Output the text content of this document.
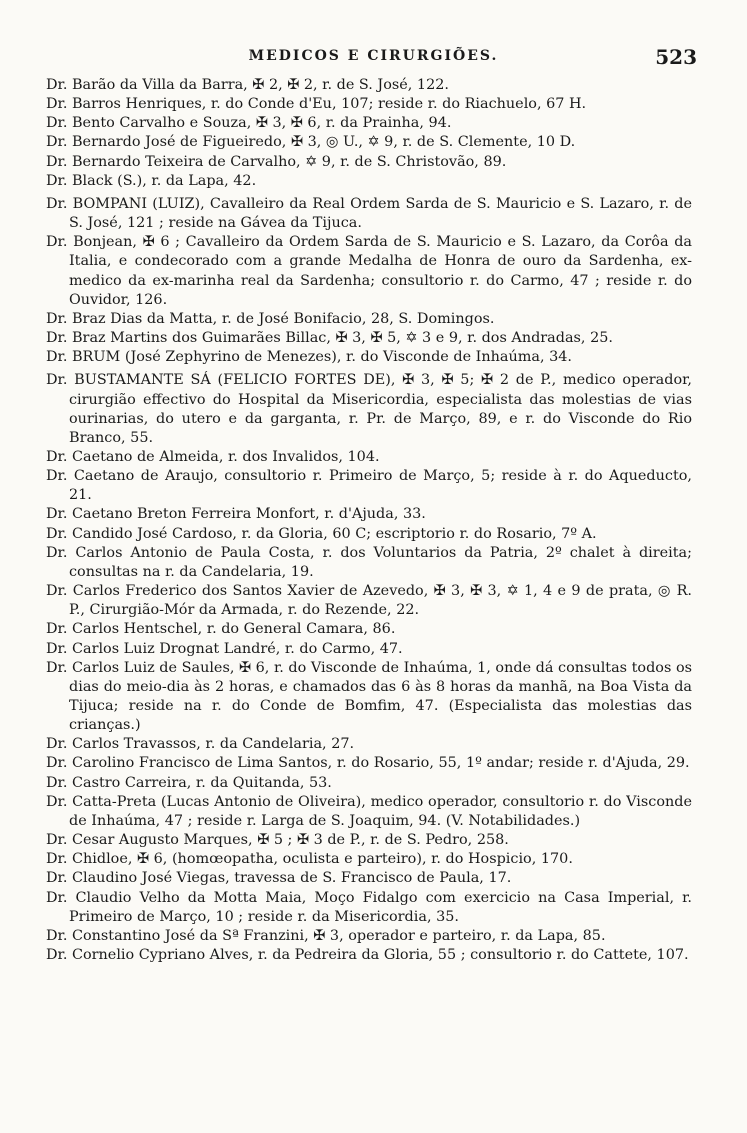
MEDICOS E CIRURGIÕES.	523
Dr. Barão da Villa da Barra, ✠ 2, ✠ 2, r. de S. José, 122.
Dr. Barros Henriques, r. do Conde d'Eu, 107; reside r. do Riachuelo, 67 H.
Dr. Bento Carvalho e Souza, ✠ 3, ✠ 6, r. da Prainha, 94.
Dr. Bernardo José de Figueiredo, ✠ 3, ◎ U., ✡ 9, r. de S. Clemente, 10 D.
Dr. Bernardo Teixeira de Carvalho, ✡ 9, r. de S. Christovão, 89.
Dr. Black (S.), r. da Lapa, 42.
Dr. BOMPANI (LUIZ), Cavalleiro da Real Ordem Sarda de S. Mauricio e S. Lazaro, r. de S. José, 121 ; reside na Gávea da Tijuca.
Dr. Bonjean, ✠ 6 ; Cavalleiro da Ordem Sarda de S. Mauricio e S. Lazaro, da Corôa da Italia, e condecorado com a grande Medalha de Honra de ouro da Sardenha, ex-medico da ex-marinha real da Sardenha; consultorio r. do Carmo, 47 ; reside r. do Ouvidor, 126.
Dr. Braz Dias da Matta, r. de José Bonifacio, 28, S. Domingos.
Dr. Braz Martins dos Guimarães Billac, ✠ 3, ✠ 5, ✡ 3 e 9, r. dos Andradas, 25.
Dr. BRUM (José Zephyrino de Menezes), r. do Visconde de Inhaúma, 34.
Dr. BUSTAMANTE SÁ (FELICIO FORTES DE), ✠ 3, ✠ 5; ✠ 2 de P., medico operador, cirurgião effectivo do Hospital da Misericordia, especialista das molestias de vias ourinarias, do utero e da garganta, r. Pr. de Março, 89, e r. do Visconde do Rio Branco, 55.
Dr. Caetano de Almeida, r. dos Invalidos, 104.
Dr. Caetano de Araujo, consultorio r. Primeiro de Março, 5; reside à r. do Aqueducto, 21.
Dr. Caetano Breton Ferreira Monfort, r. d'Ajuda, 33.
Dr. Candido José Cardoso, r. da Gloria, 60 C; escriptorio r. do Rosario, 7º A.
Dr. Carlos Antonio de Paula Costa, r. dos Voluntarios da Patria, 2º chalet à direita; consultas na r. da Candelaria, 19.
Dr. Carlos Frederico dos Santos Xavier de Azevedo, ✠ 3, ✠ 3, ✡ 1, 4 e 9 de prata, ◎ R. P., Cirurgião-Mór da Armada, r. do Rezende, 22.
Dr. Carlos Hentschel, r. do General Camara, 86.
Dr. Carlos Luiz Drognat Landré, r. do Carmo, 47.
Dr. Carlos Luiz de Saules, ✠ 6, r. do Visconde de Inhaúma, 1, onde dá consultas todos os dias do meio-dia às 2 horas, e chamados das 6 às 8 horas da manhã, na Boa Vista da Tijuca; reside na r. do Conde de Bomfim, 47. (Especialista das molestias das crianças.)
Dr. Carlos Travassos, r. da Candelaria, 27.
Dr. Carolino Francisco de Lima Santos, r. do Rosario, 55, 1º andar; reside r. d'Ajuda, 29.
Dr. Castro Carreira, r. da Quitanda, 53.
Dr. Catta-Preta (Lucas Antonio de Oliveira), medico operador, consultorio r. do Visconde de Inhaúma, 47 ; reside r. Larga de S. Joaquim, 94. (V. Notabilidades.)
Dr. Cesar Augusto Marques, ✠ 5 ; ✠ 3 de P., r. de S. Pedro, 258.
Dr. Chidloe, ✠ 6, (homœopatha, oculista e parteiro), r. do Hospicio, 170.
Dr. Claudino José Viegas, travessa de S. Francisco de Paula, 17.
Dr. Claudio Velho da Motta Maia, Moço Fidalgo com exercicio na Casa Imperial, r. Primeiro de Março, 10 ; reside r. da Misericordia, 35.
Dr. Constantino José da Sª Franzini, ✠ 3, operador e parteiro, r. da Lapa, 85.
Dr. Cornelio Cypriano Alves, r. da Pedreira da Gloria, 55 ; consultorio r. do Cattete, 107.
